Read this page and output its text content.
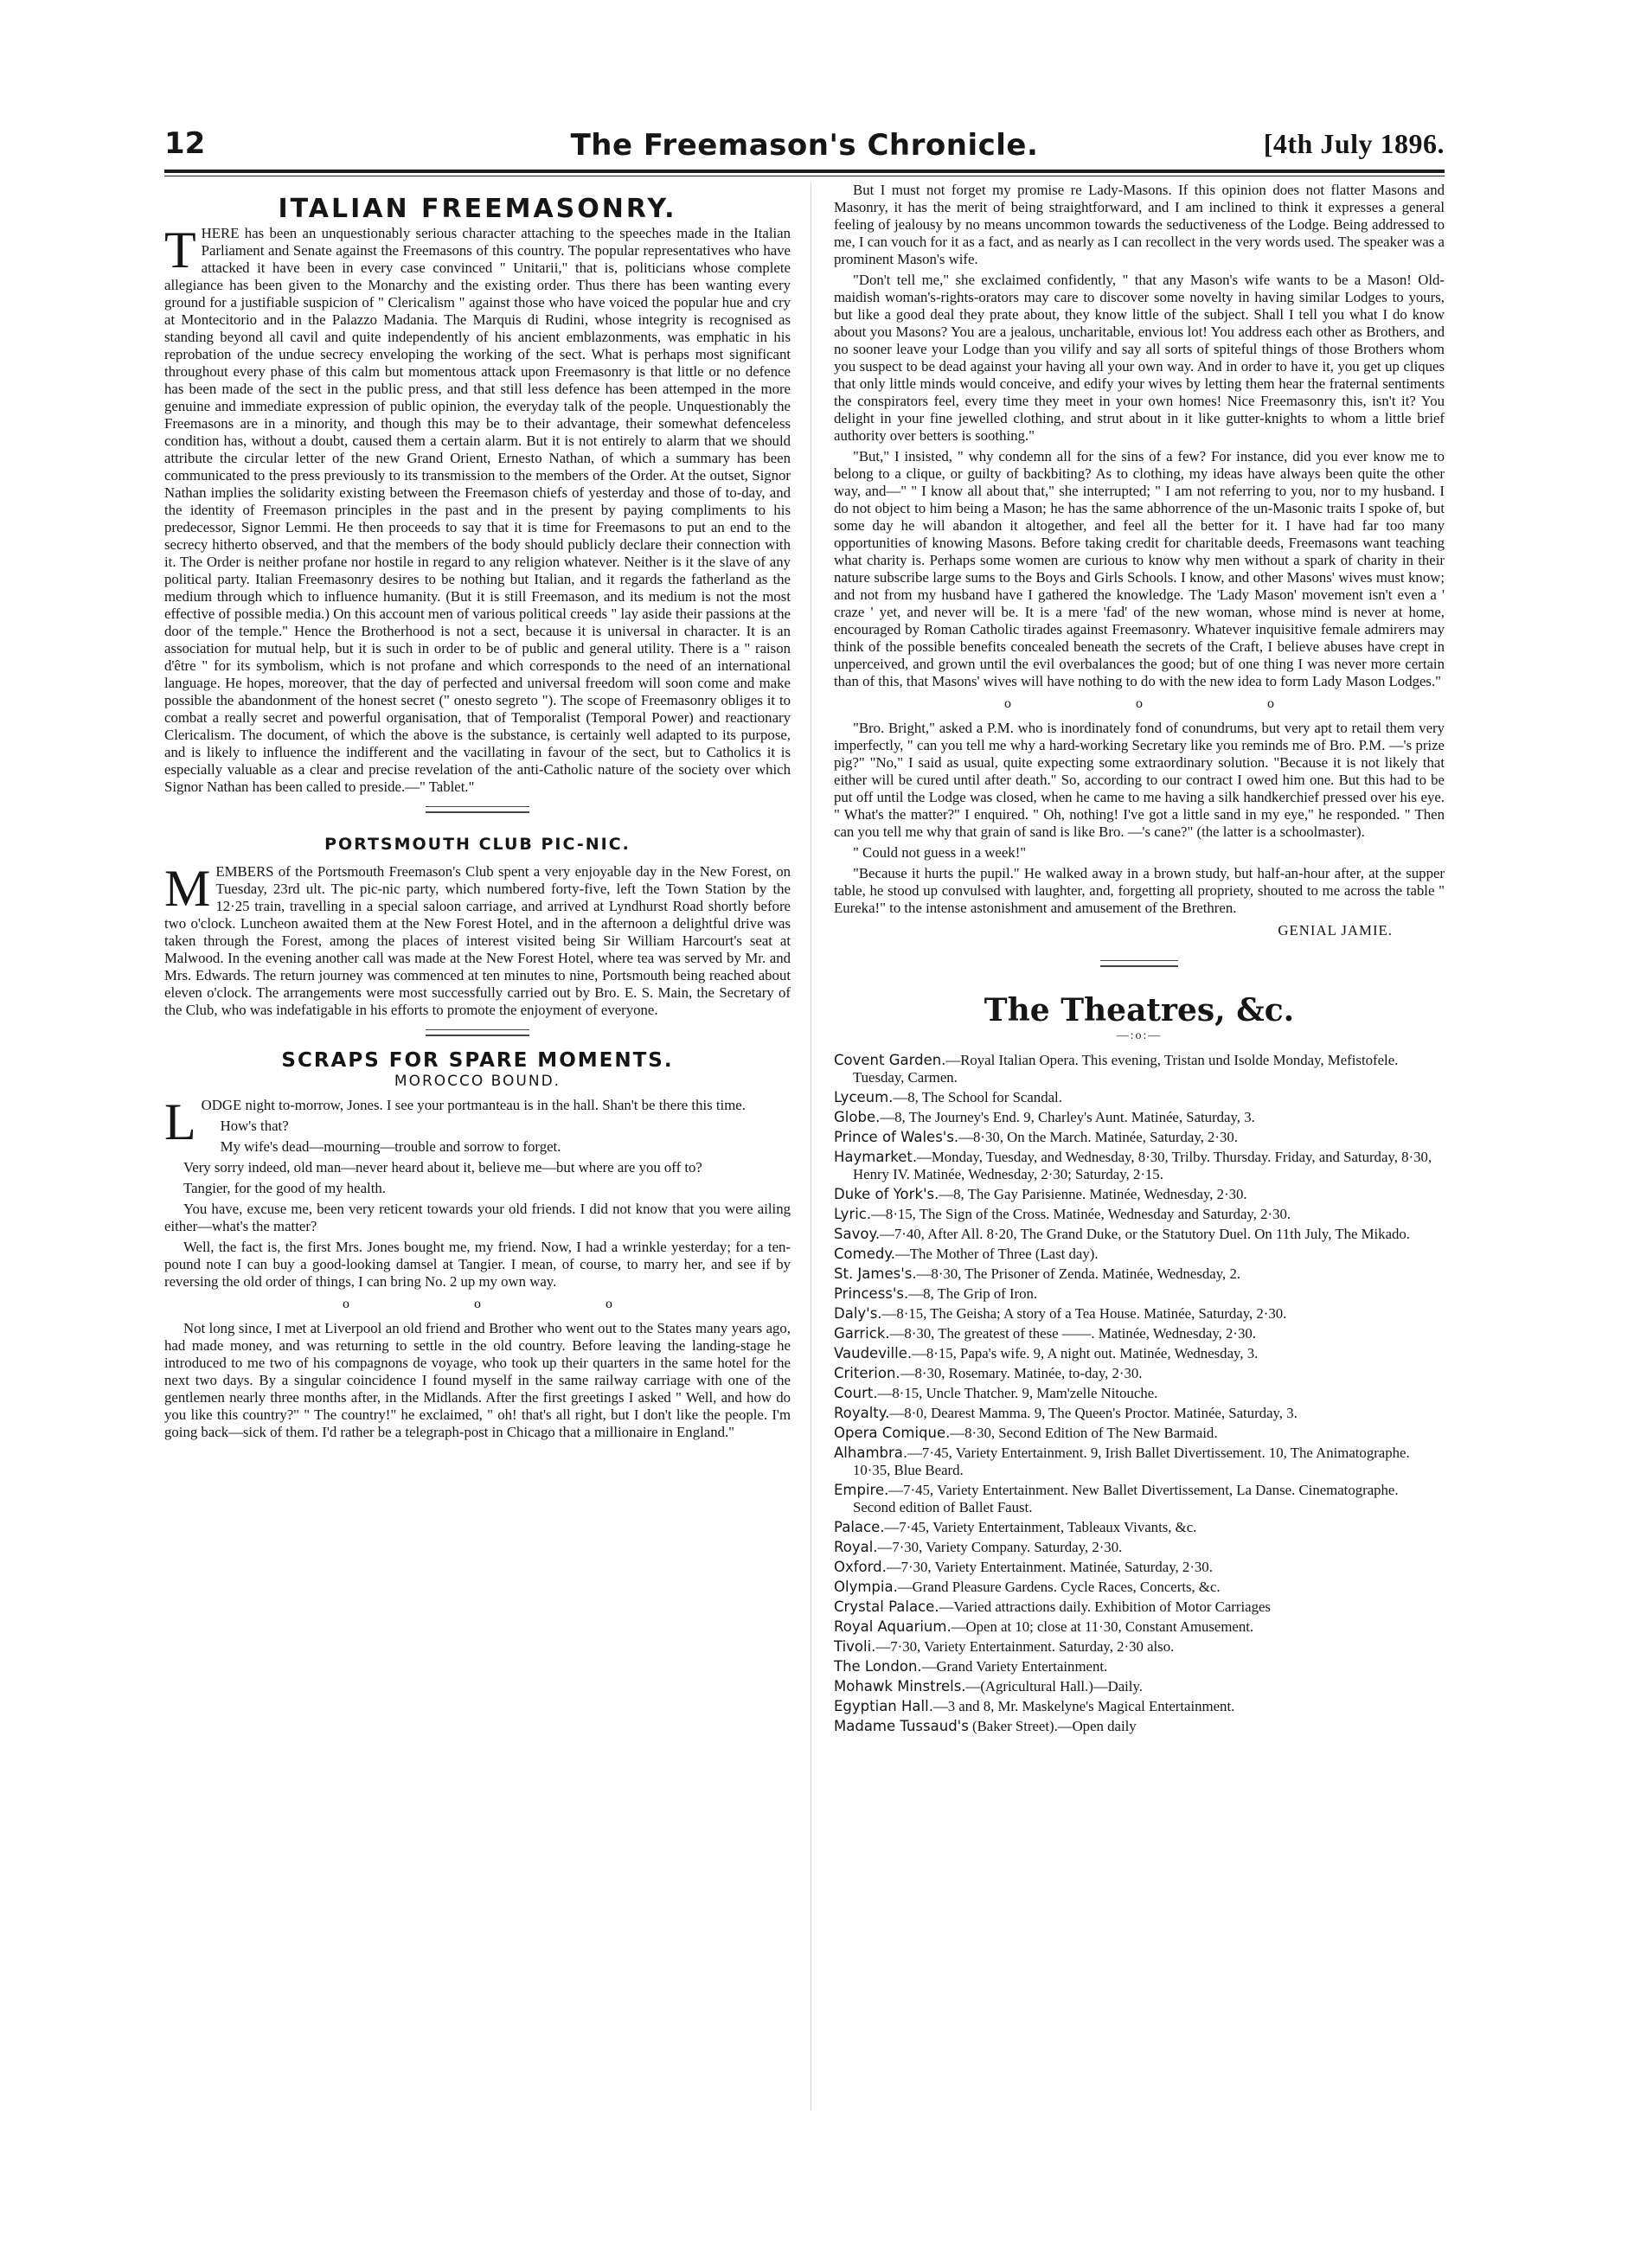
12	The Freemason's Chronicle.	[4th July 1896.
ITALIAN FREEMASONRY.

THERE has been an unquestionably serious character attaching to the speeches made in the Italian Parliament and Senate against the Freemasons of this country. The popular representatives who have attacked it have been in every case convinced " Unitarii," that is, politicians whose complete allegiance has been given to the Monarchy and the existing order. Thus there has been wanting every ground for a justifiable suspicion of " Clericalism " against those who have voiced the popular hue and cry at Montecitorio and in the Palazzo Madania. The Marquis di Rudini, whose integrity is recognised as standing beyond all cavil and quite independently of his ancient emblazonments, was emphatic in his reprobation of the undue secrecy enveloping the working of the sect. What is perhaps most significant throughout every phase of this calm but momentous attack upon Freemasonry is that little or no defence has been made of the sect in the public press, and that still less defence has been attemped in the more genuine and immediate expression of public opinion, the everyday talk of the people. Unquestionably the Freemasons are in a minority, and though this may be to their advantage, their somewhat defenceless condition has, without a doubt, caused them a certain alarm. But it is not entirely to alarm that we should attribute the circular letter of the new Grand Orient, Ernesto Nathan, of which a summary has been communicated to the press previously to its transmission to the members of the Order. At the outset, Signor Nathan implies the solidarity existing between the Freemason chiefs of yesterday and those of to-day, and the identity of Freemason principles in the past and in the present by paying compliments to his predecessor, Signor Lemmi. He then proceeds to say that it is time for Freemasons to put an end to the secrecy hitherto observed, and that the members of the body should publicly declare their connection with it. The Order is neither profane nor hostile in regard to any religion whatever. Neither is it the slave of any political party. Italian Freemasonry desires to be nothing but Italian, and it regards the fatherland as the medium through which to influence humanity. (But it is still Freemason, and its medium is not the most effective of possible media.) On this account men of various political creeds " lay aside their passions at the door of the temple." Hence the Brotherhood is not a sect, because it is universal in character. It is an association for mutual help, but it is such in order to be of public and general utility. There is a " raison d'être " for its symbolism, which is not profane and which corresponds to the need of an international language. He hopes, moreover, that the day of perfected and universal freedom will soon come and make possible the abandonment of the honest secret (" onesto segreto "). The scope of Freemasonry obliges it to combat a really secret and powerful organisation, that of Temporalist (Temporal Power) and reactionary Clericalism. The document, of which the above is the substance, is certainly well adapted to its purpose, and is likely to influence the indifferent and the vacillating in favour of the sect, but to Catholics it is especially valuable as a clear and precise revelation of the anti-Catholic nature of the society over which Signor Nathan has been called to preside.—" Tablet."

PORTSMOUTH CLUB PIC-NIC.

MEMBERS of the Portsmouth Freemason's Club spent a very enjoyable day in the New Forest, on Tuesday, 23rd ult. The pic-nic party, which numbered forty-five, left the Town Station by the 12·25 train, travelling in a special saloon carriage, and arrived at Lyndhurst Road shortly before two o'clock. Luncheon awaited them at the New Forest Hotel, and in the afternoon a delightful drive was taken through the Forest, among the places of interest visited being Sir William Harcourt's seat at Malwood. In the evening another call was made at the New Forest Hotel, where tea was served by Mr. and Mrs. Edwards. The return journey was commenced at ten minutes to nine, Portsmouth being reached about eleven o'clock. The arrangements were most successfully carried out by Bro. E. S. Main, the Secretary of the Club, who was indefatigable in his efforts to promote the enjoyment of everyone.

SCRAPS FOR SPARE MOMENTS.
MOROCCO BOUND.

LODGE night to-morrow, Jones. I see your portmanteau is in the hall. Shan't be there this time.

How's that?

My wife's dead—mourning—trouble and sorrow to forget.

Very sorry indeed, old man—never heard about it, believe me—but where are you off to?

Tangier, for the good of my health.

You have, excuse me, been very reticent towards your old friends. I did not know that you were ailing either—what's the matter?

Well, the fact is, the first Mrs. Jones bought me, my friend. Now, I had a wrinkle yesterday; for a ten-pound note I can buy a good-looking damsel at Tangier. I mean, of course, to marry her, and see if by reversing the old order of things, I can bring No. 2 up my own way.

o o o

Not long since, I met at Liverpool an old friend and Brother who went out to the States many years ago, had made money, and was returning to settle in the old country. Before leaving the landing-stage he introduced to me two of his compagnons de voyage, who took up their quarters in the same hotel for the next two days. By a singular coincidence I found myself in the same railway carriage with one of the gentlemen nearly three months after, in the Midlands. After the first greetings I asked " Well, and how do you like this country?" " The country!" he exclaimed, " oh! that's all right, but I don't like the people. I'm going back—sick of them. I'd rather be a telegraph-post in Chicago that a millionaire in England."

But I must not forget my promise re Lady-Masons. If this opinion does not flatter Masons and Masonry, it has the merit of being straightforward, and I am inclined to think it expresses a general feeling of jealousy by no means uncommon towards the seductiveness of the Lodge. Being addressed to me, I can vouch for it as a fact, and as nearly as I can recollect in the very words used. The speaker was a prominent Mason's wife.

"Don't tell me," she exclaimed confidently, " that any Mason's wife wants to be a Mason! Old-maidish woman's-rights-orators may care to discover some novelty in having similar Lodges to yours, but like a good deal they prate about, they know little of the subject. Shall I tell you what I do know about you Masons? You are a jealous, uncharitable, envious lot! You address each other as Brothers, and no sooner leave your Lodge than you vilify and say all sorts of spiteful things of those Brothers whom you suspect to be dead against your having all your own way. And in order to have it, you get up cliques that only little minds would conceive, and edify your wives by letting them hear the fraternal sentiments the conspirators feel, every time they meet in your own homes! Nice Freemasonry this, isn't it? You delight in your fine jewelled clothing, and strut about in it like gutter-knights to whom a little brief authority over betters is soothing."

"But," I insisted, " why condemn all for the sins of a few? For instance, did you ever know me to belong to a clique, or guilty of backbiting? As to clothing, my ideas have always been quite the other way, and—" " I know all about that," she interrupted; " I am not referring to you, nor to my husband. I do not object to him being a Mason; he has the same abhorrence of the un-Masonic traits I spoke of, but some day he will abandon it altogether, and feel all the better for it. I have had far too many opportunities of knowing Masons. Before taking credit for charitable deeds, Freemasons want teaching what charity is. Perhaps some women are curious to know why men without a spark of charity in their nature subscribe large sums to the Boys and Girls Schools. I know, and other Masons' wives must know; and not from my husband have I gathered the knowledge. The 'Lady Mason' movement isn't even a ' craze ' yet, and never will be. It is a mere 'fad' of the new woman, whose mind is never at home, encouraged by Roman Catholic tirades against Freemasonry. Whatever inquisitive female admirers may think of the possible benefits concealed beneath the secrets of the Craft, I believe abuses have crept in unperceived, and grown until the evil overbalances the good; but of one thing I was never more certain than of this, that Masons' wives will have nothing to do with the new idea to form Lady Mason Lodges."

o o o

"Bro. Bright," asked a P.M. who is inordinately fond of conundrums, but very apt to retail them very imperfectly, " can you tell me why a hard-working Secretary like you reminds me of Bro. P.M. —'s prize pig?" "No," I said as usual, quite expecting some extraordinary solution. "Because it is not likely that either will be cured until after death." So, according to our contract I owed him one. But this had to be put off until the Lodge was closed, when he came to me having a silk handkerchief pressed over his eye. " What's the matter?" I enquired. " Oh, nothing! I've got a little sand in my eye," he responded. " Then can you tell me why that grain of sand is like Bro. —'s cane?" (the latter is a schoolmaster).

" Could not guess in a week!"

"Because it hurts the pupil." He walked away in a brown study, but half-an-hour after, at the supper table, he stood up convulsed with laughter, and, forgetting all propriety, shouted to me across the table " Eureka!" to the intense astonishment and amusement of the Brethren.

GENIAL JAMIE.
The Theatres, &c.
—:o:—

Covent Garden.—Royal Italian Opera. This evening, Tristan und Isolde Monday, Mefistofele. Tuesday, Carmen.

Lyceum.—8, The School for Scandal.

Globe.—8, The Journey's End. 9, Charley's Aunt. Matinée, Saturday, 3.

Prince of Wales's.—8·30, On the March. Matinée, Saturday, 2·30.

Haymarket.—Monday, Tuesday, and Wednesday, 8·30, Trilby. Thursday. Friday, and Saturday, 8·30, Henry IV. Matinée, Wednesday, 2·30; Saturday, 2·15.

Duke of York's.—8, The Gay Parisienne. Matinée, Wednesday, 2·30.

Lyric.—8·15, The Sign of the Cross. Matinée, Wednesday and Saturday, 2·30.

Savoy.—7·40, After All. 8·20, The Grand Duke, or the Statutory Duel. On 11th July, The Mikado.

Comedy.—The Mother of Three (Last day).

St. James's.—8·30, The Prisoner of Zenda. Matinée, Wednesday, 2.

Princess's.—8, The Grip of Iron.

Daly's.—8·15, The Geisha; A story of a Tea House. Matinée, Saturday, 2·30.

Garrick.—8·30, The greatest of these ——. Matinée, Wednesday, 2·30.

Vaudeville.—8·15, Papa's wife. 9, A night out. Matinée, Wednesday, 3.

Criterion.—8·30, Rosemary. Matinée, to-day, 2·30.

Court.—8·15, Uncle Thatcher. 9, Mam'zelle Nitouche.

Royalty.—8·0, Dearest Mamma. 9, The Queen's Proctor. Matinée, Saturday, 3.

Opera Comique.—8·30, Second Edition of The New Barmaid.

Alhambra.—7·45, Variety Entertainment. 9, Irish Ballet Divertissement. 10, The Animatographe. 10·35, Blue Beard.

Empire.—7·45, Variety Entertainment. New Ballet Divertissement, La Danse. Cinematographe. Second edition of Ballet Faust.

Palace.—7·45, Variety Entertainment, Tableaux Vivants, &c.

Royal.—7·30, Variety Company. Saturday, 2·30.

Oxford.—7·30, Variety Entertainment. Matinée, Saturday, 2·30.

Olympia.—Grand Pleasure Gardens. Cycle Races, Concerts, &c.

Crystal Palace.—Varied attractions daily. Exhibition of Motor Carriages

Royal Aquarium.—Open at 10; close at 11·30, Constant Amusement.

Tivoli.—7·30, Variety Entertainment. Saturday, 2·30 also.

The London.—Grand Variety Entertainment.

Mohawk Minstrels.—(Agricultural Hall.)—Daily.

Egyptian Hall.—3 and 8, Mr. Maskelyne's Magical Entertainment.

Madame Tussaud's (Baker Street).—Open daily
